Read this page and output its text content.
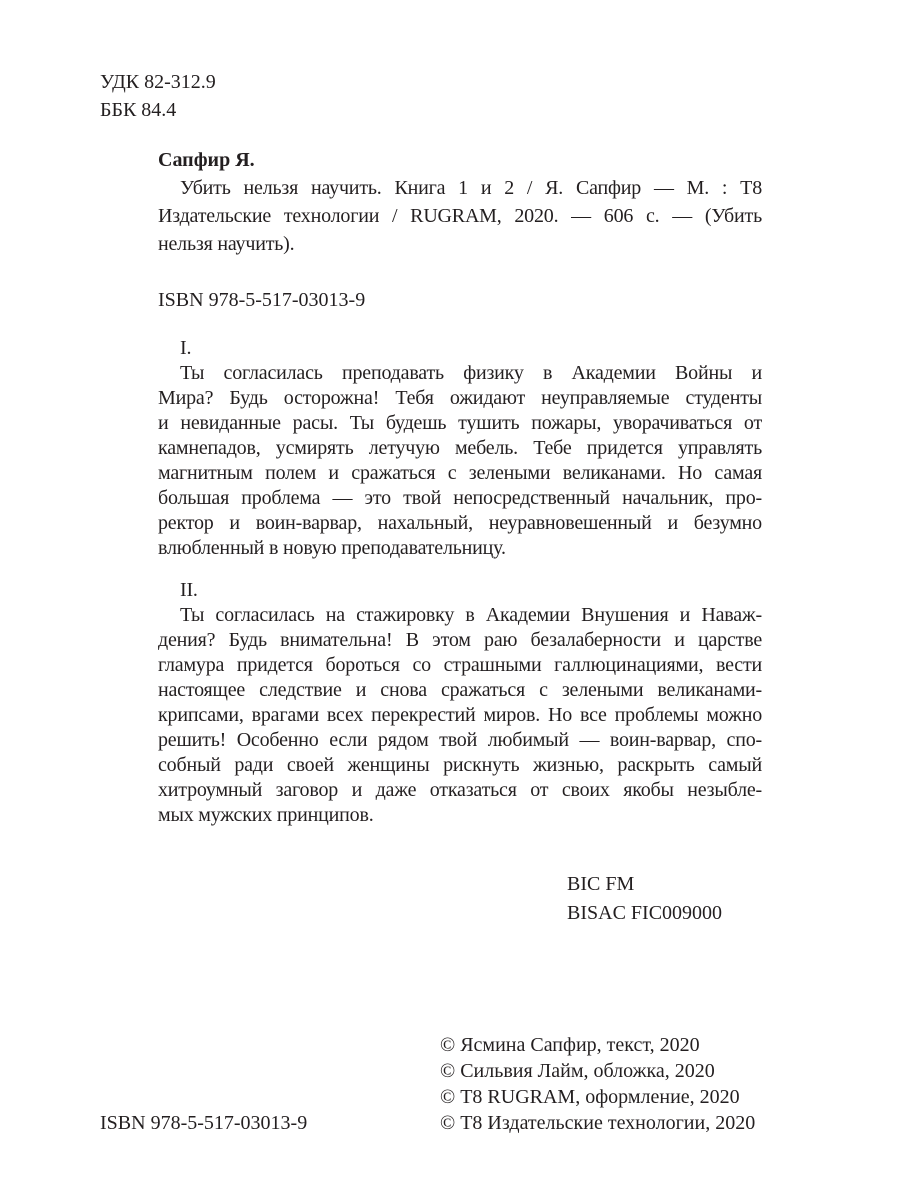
УДК 82-312.9
ББК 84.4
Сапфир Я.
Убить нельзя научить. Книга 1 и 2 / Я. Сапфир — М. : Т8
Издательские технологии / RUGRAM, 2020. — 606 с. — (Убить
нельзя научить).
ISBN 978-5-517-03013-9
I.
Ты согласилась преподавать физику в Академии Войны и
Мира? Будь осторожна! Тебя ожидают неуправляемые студенты
и невиданные расы. Ты будешь тушить пожары, уворачиваться от
камнепадов, усмирять летучую мебель. Тебе придется управлять
магнитным полем и сражаться с зелеными великанами. Но самая
большая проблема — это твой непосредственный начальник, про-
ректор и воин-варвар, нахальный, неуравновешенный и безумно
влюбленный в новую преподавательницу.
II.
Ты согласилась на стажировку в Академии Внушения и Наваж-
дения? Будь внимательна! В этом раю безалаберности и царстве
гламура придется бороться со страшными галлюцинациями, вести
настоящее следствие и снова сражаться с зелеными великанами-
крипсами, врагами всех перекрестий миров. Но все проблемы можно
решить! Особенно если рядом твой любимый — воин-варвар, спо-
собный ради своей женщины рискнуть жизнью, раскрыть самый
хитроумный заговор и даже отказаться от своих якобы незыбле-
мых мужских принципов.
BIC FM
BISAC FIC009000
© Ясмина Сапфир, текст, 2020
© Сильвия Лайм, обложка, 2020
© Т8 RUGRAM, оформление, 2020
© Т8 Издательские технологии, 2020
ISBN 978-5-517-03013-9
